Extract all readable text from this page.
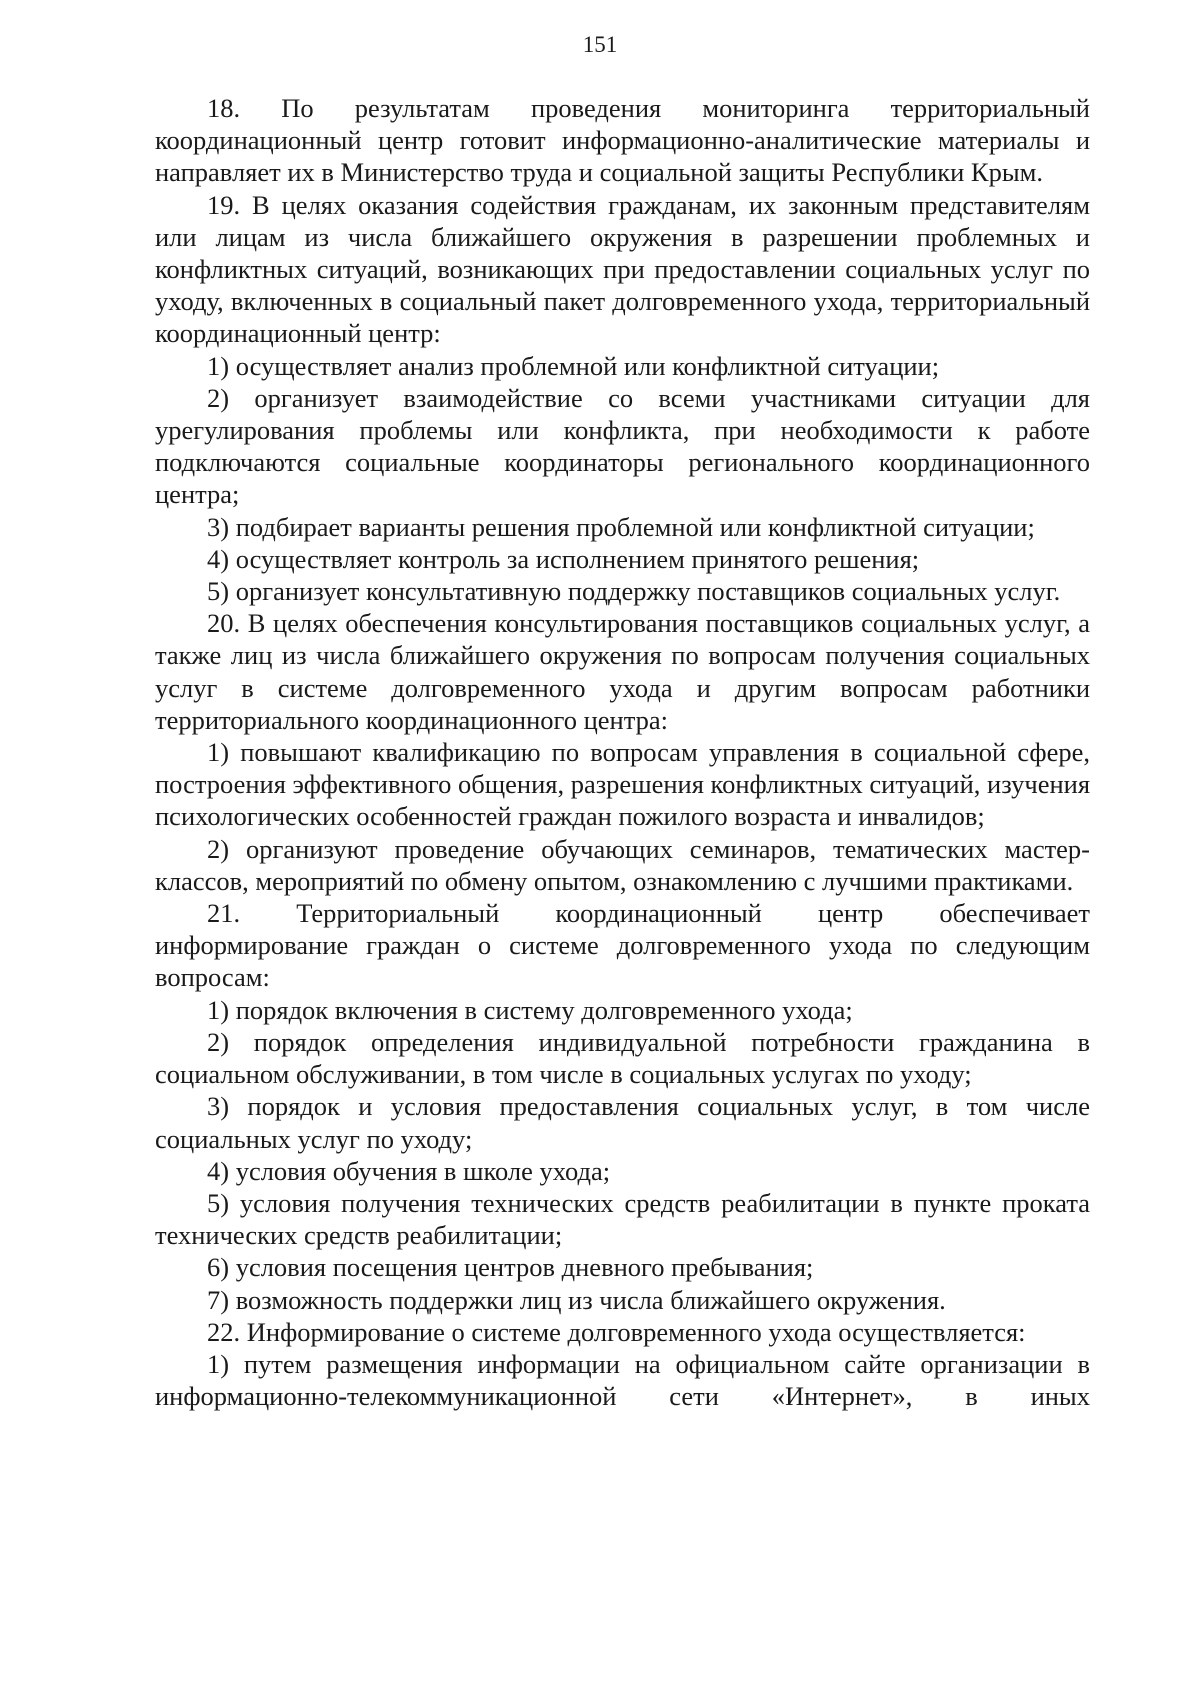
151

18. По результатам проведения мониторинга территориальный координационный центр готовит информационно-аналитические материалы и направляет их в Министерство труда и социальной защиты Республики Крым.

19. В целях оказания содействия гражданам, их законным представителям или лицам из числа ближайшего окружения в разрешении проблемных и конфликтных ситуаций, возникающих при предоставлении социальных услуг по уходу, включенных в социальный пакет долговременного ухода, территориальный координационный центр:

1) осуществляет анализ проблемной или конфликтной ситуации;

2) организует взаимодействие со всеми участниками ситуации для урегулирования проблемы или конфликта, при необходимости к работе подключаются социальные координаторы регионального координационного центра;

3) подбирает варианты решения проблемной или конфликтной ситуации;

4) осуществляет контроль за исполнением принятого решения;

5) организует консультативную поддержку поставщиков социальных услуг.

20. В целях обеспечения консультирования поставщиков социальных услуг, а также лиц из числа ближайшего окружения по вопросам получения социальных услуг в системе долговременного ухода и другим вопросам работники территориального координационного центра:

1) повышают квалификацию по вопросам управления в социальной сфере, построения эффективного общения, разрешения конфликтных ситуаций, изучения психологических особенностей граждан пожилого возраста и инвалидов;

2) организуют проведение обучающих семинаров, тематических мастер-классов, мероприятий по обмену опытом, ознакомлению с лучшими практиками.

21. Территориальный координационный центр обеспечивает информирование граждан о системе долговременного ухода по следующим вопросам:

1) порядок включения в систему долговременного ухода;

2) порядок определения индивидуальной потребности гражданина в социальном обслуживании, в том числе в социальных услугах по уходу;

3) порядок и условия предоставления социальных услуг, в том числе социальных услуг по уходу;

4) условия обучения в школе ухода;

5) условия получения технических средств реабилитации в пункте проката технических средств реабилитации;

6) условия посещения центров дневного пребывания;

7) возможность поддержки лиц из числа ближайшего окружения.

22. Информирование о системе долговременного ухода осуществляется:

1) путем размещения информации на официальном сайте организации в информационно-телекоммуникационной сети «Интернет», в иных
